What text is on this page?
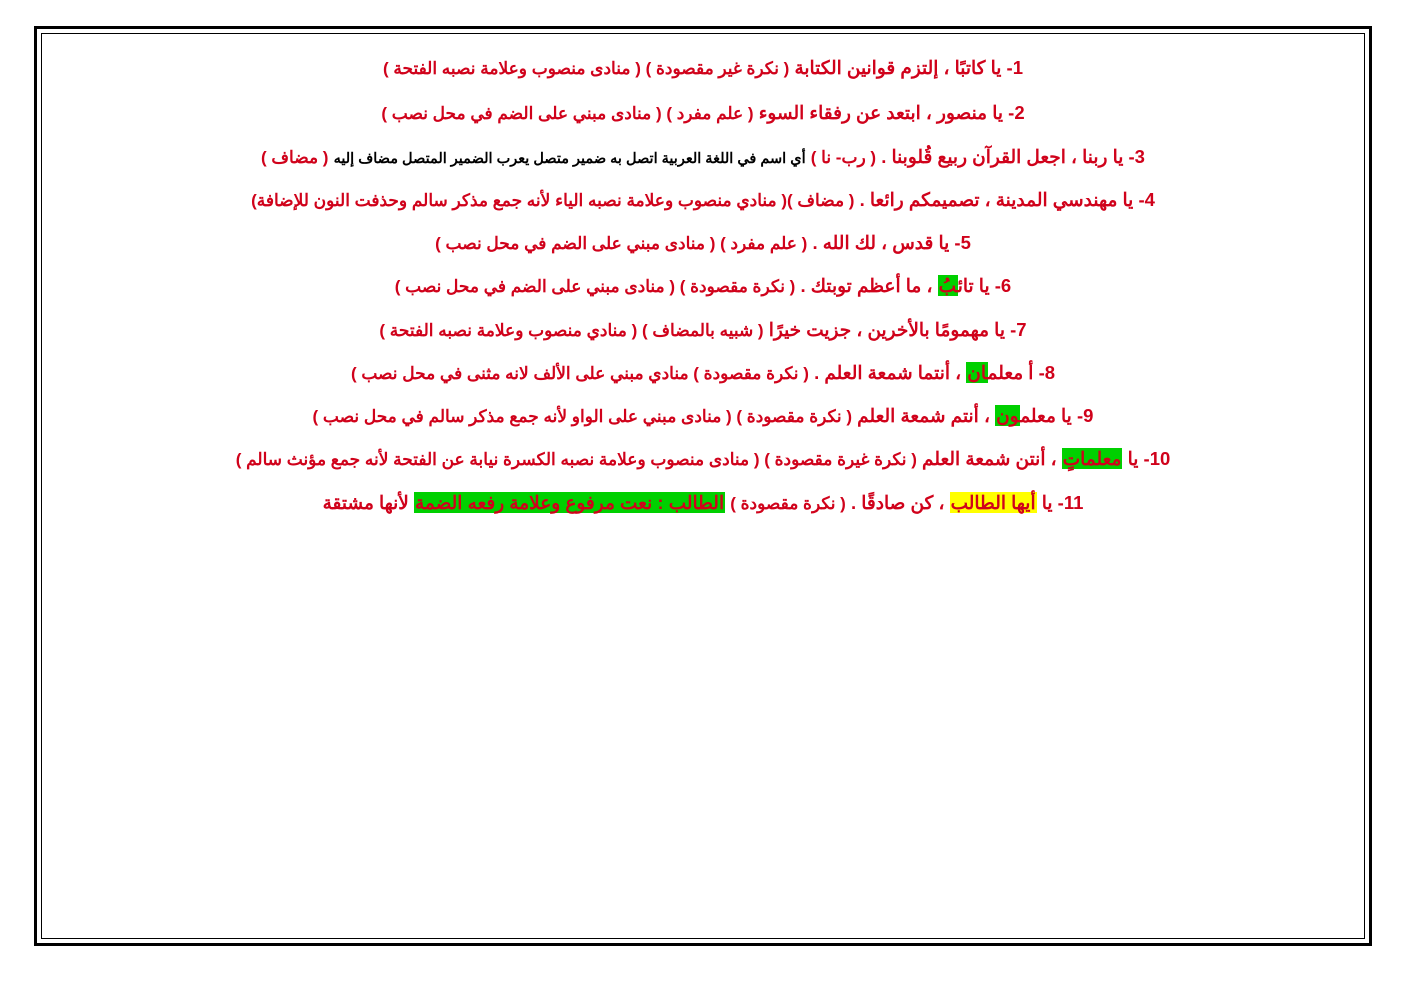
1- يا كاتبًا ، إلتزم قوانين الكتابة ( نكرة غير مقصودة ) ( منادى منصوب وعلامة نصبه الفتحة )
2- يا منصور ، ابتعد عن رفقاء السوء ( علم مفرد ) ( منادى مبني على الضم في محل نصب )
3- يا ربنا ، اجعل القرآن ربيع قُلوبنا . ( رب- نا ) أي اسم في اللغة العربية اتصل به ضمير متصل يعرب الضمير المتصل مضاف إليه ( مضاف )
4- يا مهندسي المدينة ، تصميمكم رائعا . ( مضاف )( منادي منصوب وعلامة نصبه الياء لأنه جمع مذكر سالم وحذفت النون للإضافة)
5- يا قدس ، لك الله . ( علم مفرد ) ( منادى مبني على الضم في محل نصب )
6- يا تائبُ ، ما أعظم توبتك . ( نكرة مقصودة ) ( منادى مبني على الضم في محل نصب )
7- يا مهمومًا بالأخرين ، جزيت خيرًا ( شبيه بالمضاف ) ( منادي منصوب وعلامة نصبه الفتحة )
8- أ معلمان ، أنتما شمعة العلم . ( نكرة مقصودة ) منادي مبني على الألف لانه مثنى في محل نصب )
9- يا معلمون ، أنتم شمعة العلم ( نكرة مقصودة ) ( منادى مبني على الواو لأنه جمع مذكر سالم في محل نصب )
10- يا معلماتٍ ، أنتن شمعة العلم ( نكرة غيرة مقصودة ) ( منادى منصوب وعلامة نصبه الكسرة نيابة عن الفتحة لأنه جمع مؤنث سالم )
11- يا أيها الطالب ، كن صادقًا . ( نكرة مقصودة ) الطالب : نعت مرفوع وعلامة رفعه الضمة لأنها مشتقة
